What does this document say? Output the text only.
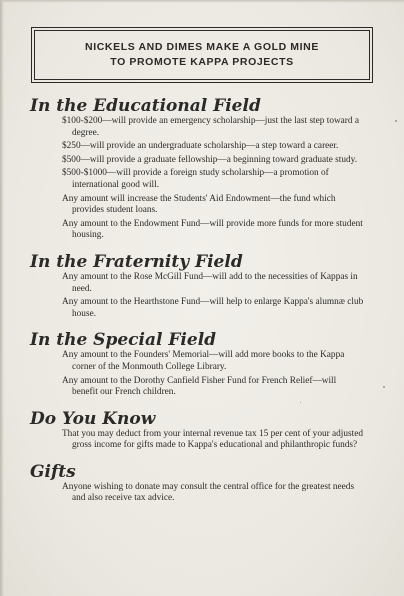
NICKELS AND DIMES MAKE A GOLD MINE
TO PROMOTE KAPPA PROJECTS
In the Educational Field
$100-$200—will provide an emergency scholarship—just the last step toward a degree.
$250—will provide an undergraduate scholarship—a step toward a career.
$500—will provide a graduate fellowship—a beginning toward graduate study.
$500-$1000—will provide a foreign study scholarship—a promotion of international good will.
Any amount will increase the Students' Aid Endowment—the fund which provides student loans.
Any amount to the Endowment Fund—will provide more funds for more student housing.
In the Fraternity Field
Any amount to the Rose McGill Fund—will add to the necessities of Kappas in need.
Any amount to the Hearthstone Fund—will help to enlarge Kappa's alumnæ club house.
In the Special Field
Any amount to the Founders' Memorial—will add more books to the Kappa corner of the Monmouth College Library.
Any amount to the Dorothy Canfield Fisher Fund for French Relief—will benefit our French children.
Do You Know
That you may deduct from your internal revenue tax 15 per cent of your adjusted gross income for gifts made to Kappa's educational and philanthropic funds?
Gifts
Anyone wishing to donate may consult the central office for the greatest needs and also receive tax advice.
